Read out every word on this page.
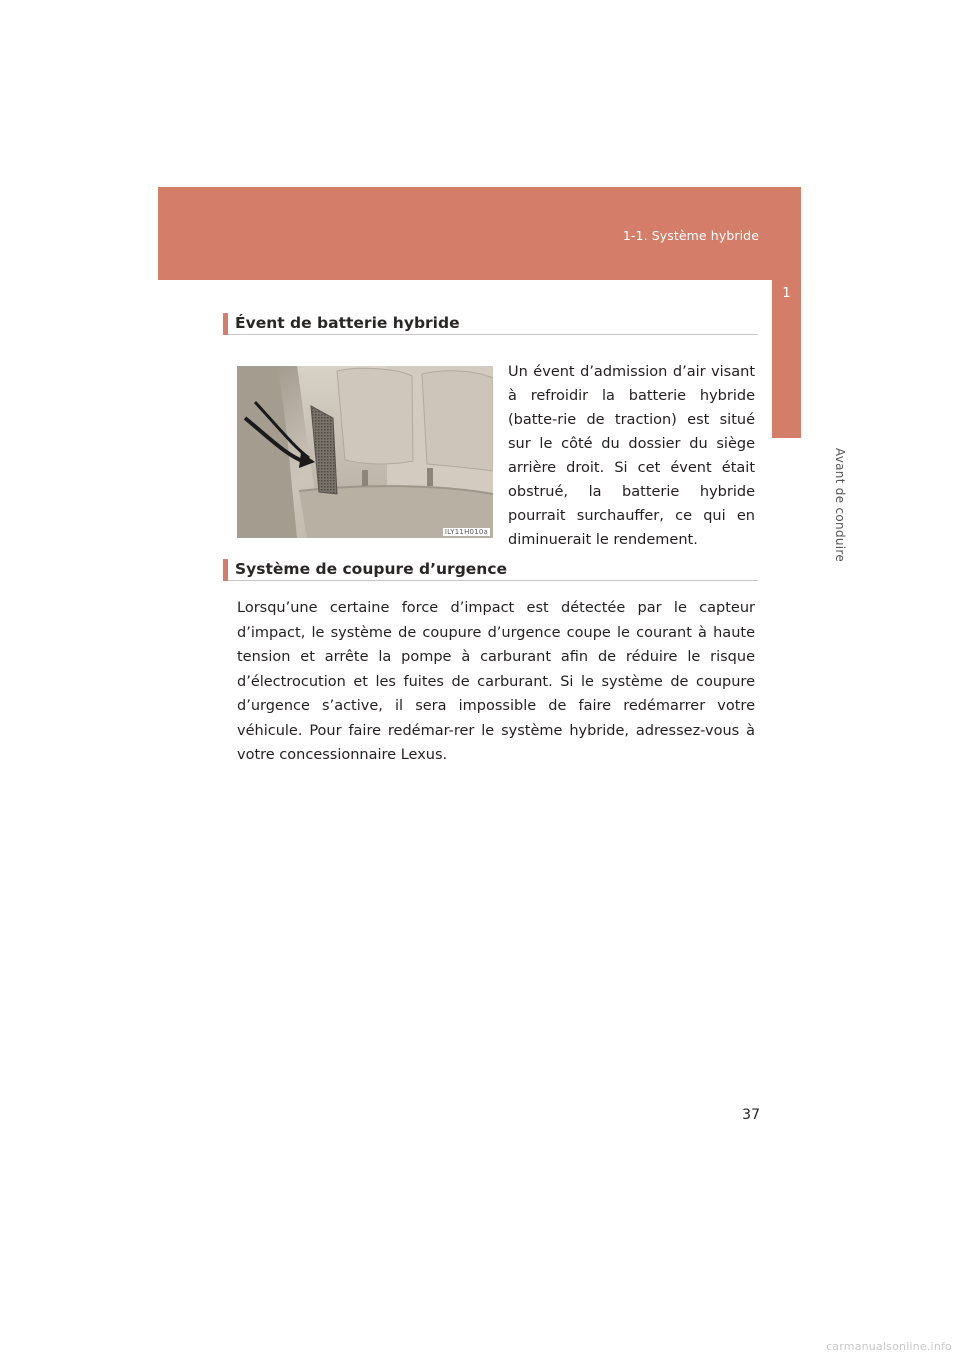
1-1. Système hybride
1
Avant de conduire
Évent de batterie hybride
ILY11H010a

Un évent d’admission d’air visant à refroidir la batterie hybride (batte-rie de traction) est situé sur le côté du dossier du siège arrière droit. Si cet évent était obstrué, la batterie hybride pourrait surchauffer, ce qui en diminuerait le rendement.

Système de coupure d’urgence

Lorsqu’une certaine force d’impact est détectée par le capteur d’impact, le système de coupure d’urgence coupe le courant à haute tension et arrête la pompe à carburant afin de réduire le risque d’électrocution et les fuites de carburant. Si le système de coupure d’urgence s’active, il sera impossible de faire redémarrer votre véhicule. Pour faire redémar-rer le système hybride, adressez-vous à votre concessionnaire Lexus.

37
carmanualsonline.info
